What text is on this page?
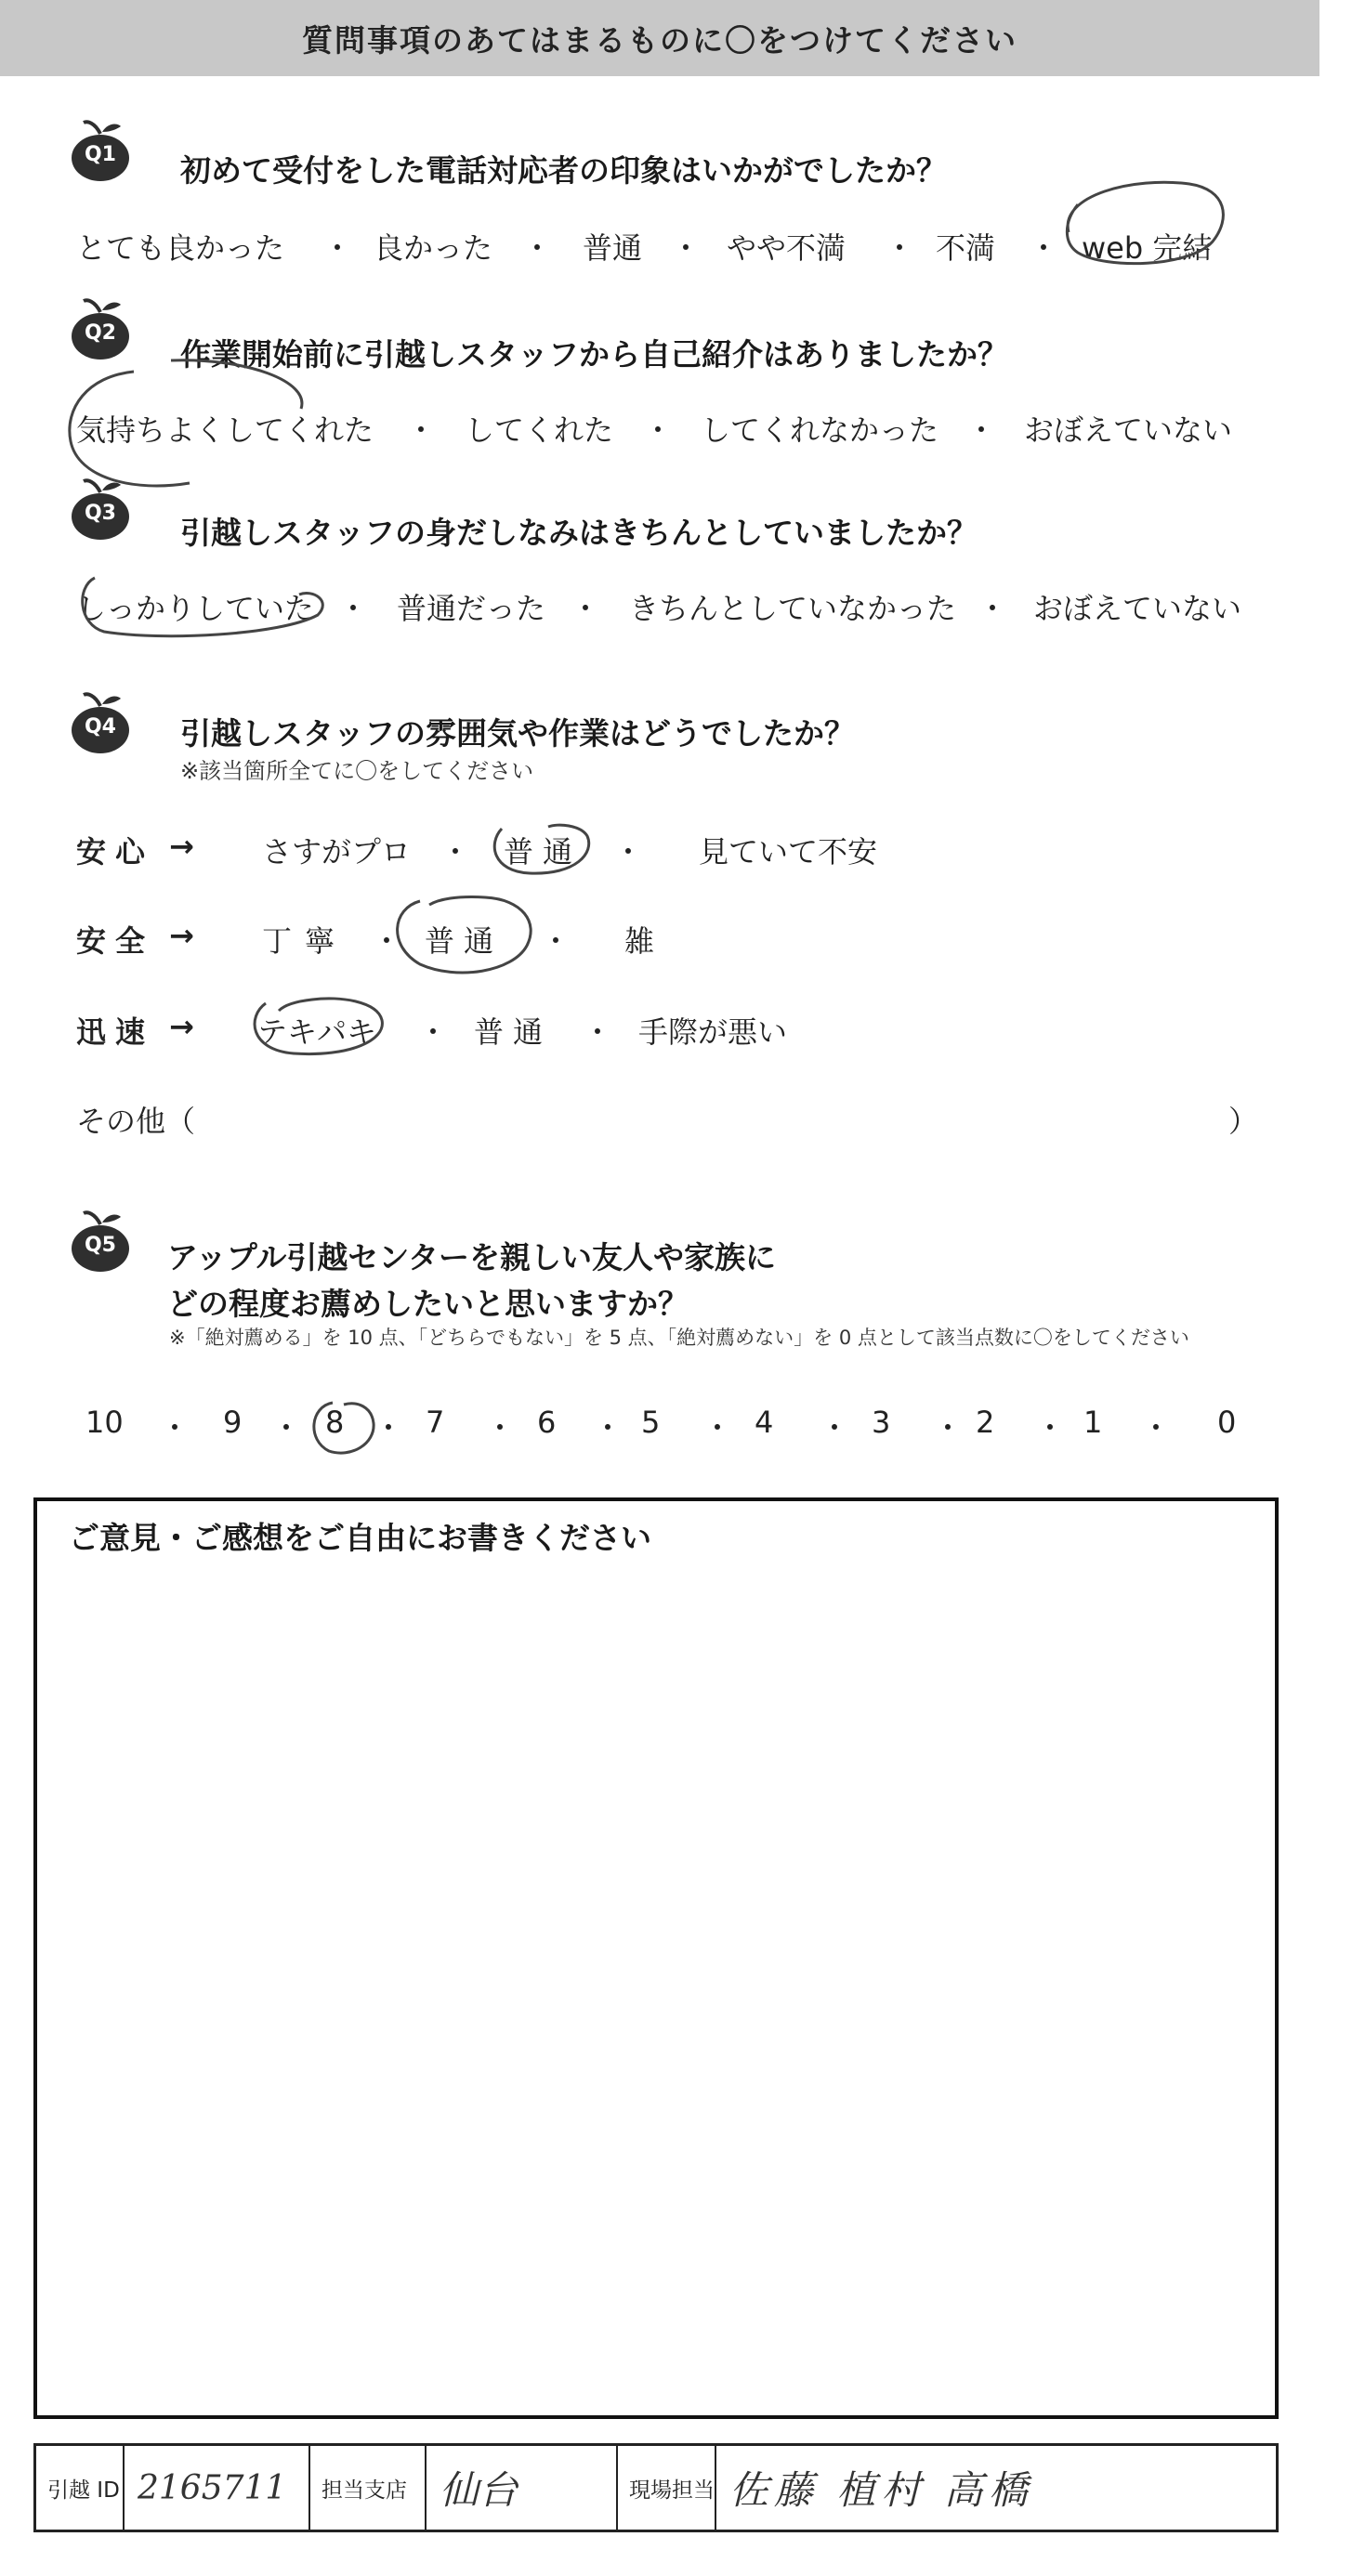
質問事項のあてはまるものに〇をつけてください
Q1	初めて受付をした電話対応者の印象はいかがでしたか？
とても良かった ・ 良かった ・ 普通 ・ やや不満 ・ 不満 ・ web 完結
Q2
作業開始前に引越しスタッフから自己紹介はありましたか？
気持ちよくしてくれた ・ してくれた ・ してくれなかった ・ おぼえていない
Q3
引越しスタッフの身だしなみはきちんとしていましたか？
しっかりしていた ・ 普通だった ・ きちんとしていなかった ・ おぼえていない
Q4	引越しスタッフの雰囲気や作業はどうでしたか？
※該当箇所全てに〇をしてください
安心 → さすがプロ ・ 普通 ・ 見ていて不安
安全 → 丁寧 ・ 普通 ・ 雑
迅速 → テキパキ ・ 普通 ・ 手際が悪い
その他（	）
Q5	アップル引越センターを親しい友人や家族に
どの程度お薦めしたいと思いますか？
※「絶対薦める」を 10 点、「どちらでもない」を 5 点、「絶対薦めない」を 0 点として該当点数に〇をしてください
10 ・ 9 ・ 8 ・ 7 ・ 6 ・ 5 ・ 4 ・ 3 ・ 2 ・ 1 ・ 0
ご意見・ご感想をご自由にお書きください
引越 ID 2165711	担当支店 仙台	現場担当 佐藤 植村 高橋
